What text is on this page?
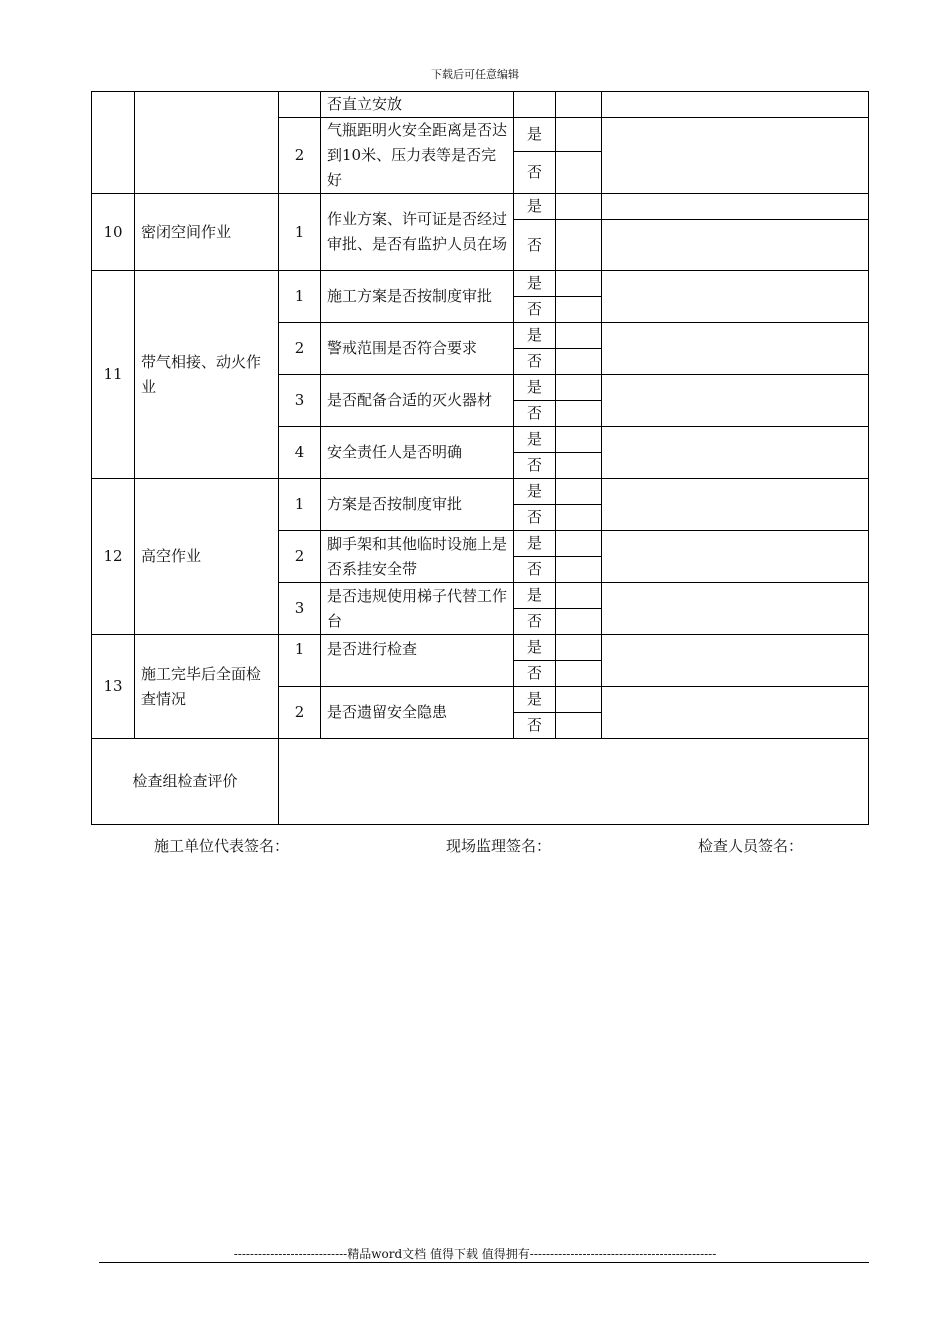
下载后可任意编辑
			否直立安放			
		2	气瓶距明火安全距离是否达到10米、压力表等是否完好	是		
				否		

10	密闭空间作业	1	作业方案、许可证是否经过审批、是否有监护人员在场	是		
				否		
11	带气相接、动火作业	1	施工方案是否按制度审批	是		
				否		
		2	警戒范围是否符合要求	是		
				否		
		3	是否配备合适的灭火器材	是		
				否		
		4	安全责任人是否明确	是		
				否		
12	高空作业	1	方案是否按制度审批	是		
				否		
		2	脚手架和其他临时设施上是否系挂安全带	是		
				否		
		3	是否违规使用梯子代替工作台	是		
				否		
13	施工完毕后全面检查情况	1	是否进行检查	是		
				否		
		2	是否遗留安全隐患	是		
				否		
检查组检查评价						
施工单位代表签名：	现场监理签名：	检查人员签名：
----------------------------精品word文档 值得下载 值得拥有----------------------------------------------
